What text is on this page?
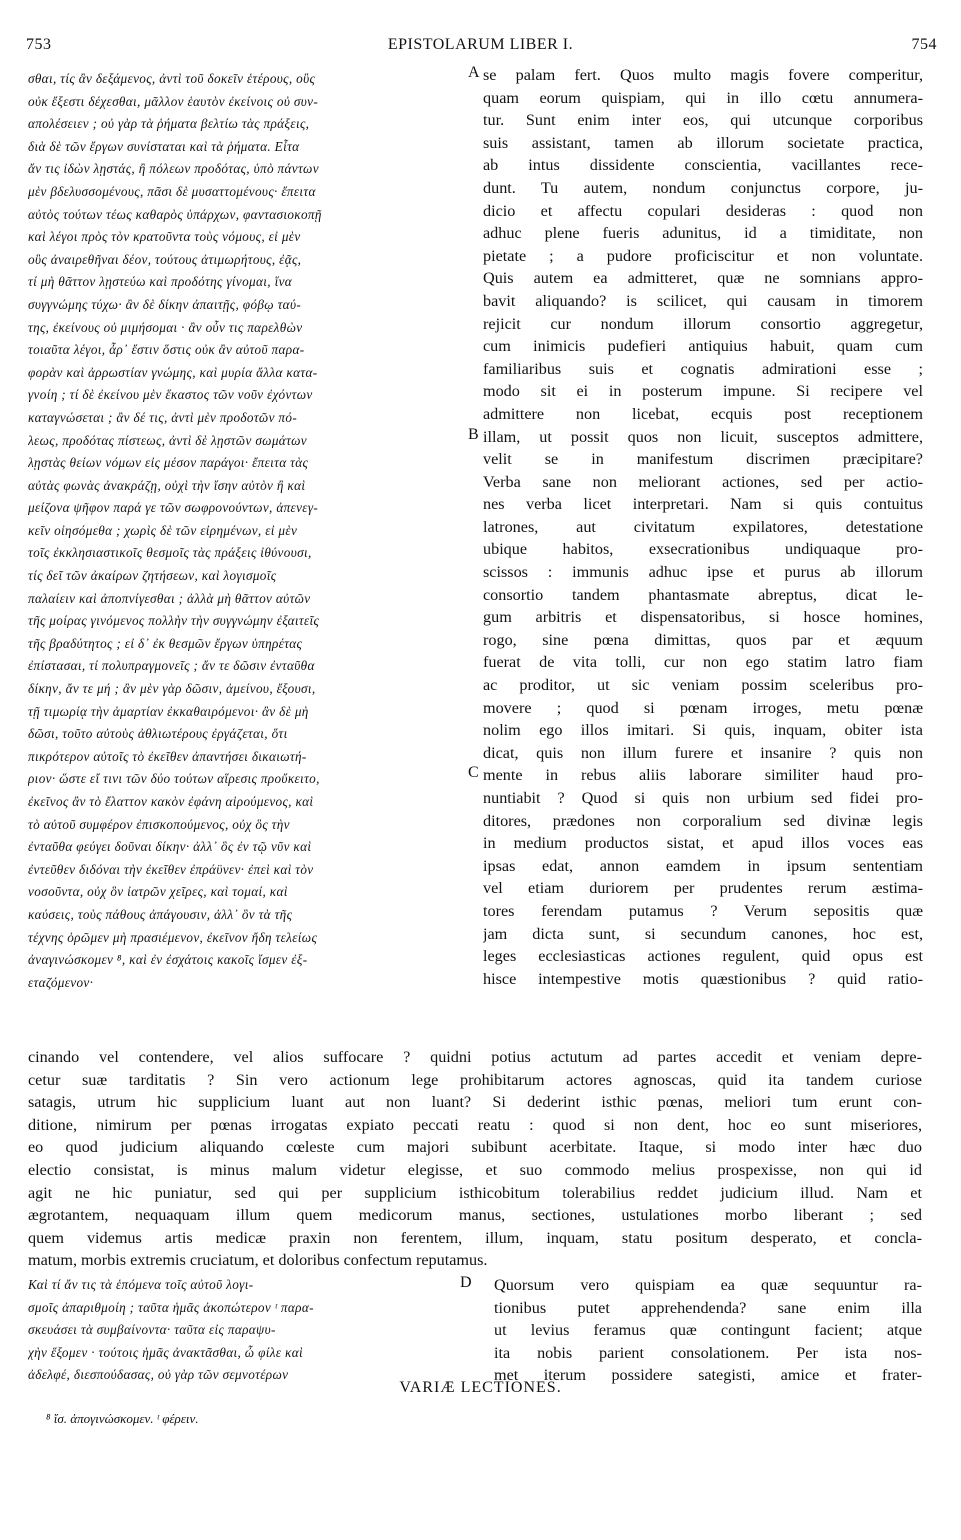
753	EPISTOLARUM LIBER I.	754
σθαι, τίς ἂν δεξάμενος, ἀντὶ τοῦ δοκεῖν ἑτέρους, οὓς
οὐκ ἔξεστι δέχεσθαι, μᾶλλον ἑαυτὸν ἐκείνοις οὐ συν-
απολέσειεν ; οὐ γὰρ τὰ ῥήματα βελτίω τὰς πράξεις,
διὰ δὲ τῶν ἔργων συνίσταται καὶ τὰ ῥήματα. Εἶτα
ἄν τις ἰδὼν λῃστάς, ἢ πόλεων προδότας, ὑπὸ πάντων
μὲν βδελυσσομένους, πᾶσι δὲ μυσαττομένους· ἔπειτα
αὐτὸς τούτων τέως καθαρὸς ὑπάρχων, φαντασιοκοπῇ
καὶ λέγοι πρὸς τὸν κρατοῦντα τοὺς νόμους, εἰ μὲν
οὓς ἀναιρεθῆναι δέον, τούτους ἀτιμωρήτους, ἐᾷς,
τί μὴ θᾶττον λῃστεύω καὶ προδότης γίνομαι, ἵνα
συγγνώμης τύχω· ἂν δὲ δίκην ἀπαιτῇς, φόβῳ ταύ-
της, ἐκείνους οὐ μιμήσομαι · ἂν οὖν τις παρελθὼν
τοιαῦτα λέγοι, ἆρ᾽ ἔστιν ὅστις οὐκ ἂν αὐτοῦ παρα-
φορὰν καὶ ἀρρωστίαν γνώμης, καὶ μυρία ἄλλα κατα-
γνοίη ; τί δὲ ἐκείνου μὲν ἕκαστος τῶν νοῦν ἐχόντων
καταγνώσεται ; ἂν δέ τις, ἀντὶ μὲν προδοτῶν πό-
λεως, προδότας πίστεως, ἀντὶ δὲ λῃστῶν σωμάτων
λῃστὰς θείων νόμων εἰς μέσον παράγοι· ἔπειτα τὰς
αὐτὰς φωνὰς ἀνακράζῃ, οὐχὶ τὴν ἴσην αὐτὸν ἢ καὶ
μείζονα ψῆφον παρά γε τῶν σωφρονούντων, ἀπενεγ-
κεῖν οἰησόμεθα ; χωρὶς δὲ τῶν εἰρημένων, εἰ μὲν
τοῖς ἐκκλησιαστικοῖς θεσμοῖς τὰς πράξεις ἰθύνουσι,
τίς δεῖ τῶν ἀκαίρων ζητήσεων, καὶ λογισμοῖς
παλαίειν καὶ ἀποπνίγεσθαι ; ἀλλὰ μὴ θᾶττον αὐτῶν
τῆς μοίρας γινόμενος πολλὴν τὴν συγγνώμην ἐξαιτεῖς
τῆς βραδύτητος ; εἰ δ᾽ ἐκ θεσμῶν ἔργων ὑπηρέτας
ἐπίστασαι, τί πολυπραγμονεῖς ; ἄν τε δῶσιν ἐνταῦθα
δίκην, ἄν τε μή ; ἂν μὲν γὰρ δῶσιν, ἀμείνου, ἔξουσι,
τῇ τιμωρίᾳ τὴν ἁμαρτίαν ἐκκαθαιρόμενοι· ἂν δὲ μὴ
δῶσι, τοῦτο αὐτοὺς ἀθλιωτέρους ἐργάζεται, ὅτι
πικρότερον αὐτοῖς τὸ ἐκεῖθεν ἀπαντήσει δικαιωτή-
ριον· ὥστε εἴ τινι τῶν δύο τούτων αἵρεσις προὔκειτο,
ἐκεῖνος ἂν τὸ ἔλαττον κακὸν ἐφάνη αἱρούμενος, καὶ
τὸ αὐτοῦ συμφέρον ἐπισκοπούμενος, οὐχ ὃς τὴν
ἐνταῦθα φεύγει δοῦναι δίκην· ἀλλ᾽ ὃς ἐν τῷ νῦν καὶ
ἐντεῦθεν διδόναι τὴν ἐκεῖθεν ἐπράϋνεν· ἐπεὶ καὶ τὸν
νοσοῦντα, οὐχ ὃν ἰατρῶν χεῖρες, καὶ τομαί, καὶ
καύσεις, τοὺς πάθους ἀπάγουσιν, ἀλλ᾽ ὃν τὰ τῆς
τέχνης ὁρῶμεν μὴ πρασιέμενον, ἐκεῖνον ἤδη τελείως
ἀναγινώσκομεν ⁸, καὶ ἐν ἐσχάτοις κακοῖς ἴσμεν ἐξ-
εταζόμενον·
A
B
C
D
se palam fert. Quos multo magis fovere comperitur,
quam eorum quispiam, qui in illo cœtu annumera-
tur. Sunt enim inter eos, qui utcunque corporibus
suis assistant, tamen ab illorum societate practica,
ab intus dissidente conscientia, vacillantes rece-
dunt. Tu autem, nondum conjunctus corpore, ju-
dicio et affectu copulari desideras : quod non
adhuc plene fueris adunitus, id a timiditate, non
pietate ; a pudore proficiscitur et non voluntate.
Quis autem ea admitteret, quæ ne somnians appro-
bavit aliquando? is scilicet, qui causam in timorem
rejicit cur nondum illorum consortio aggregetur,
cum inimicis pudefieri antiquius habuit, quam cum
familiaribus suis et cognatis admirationi esse ;
modo sit ei in posterum impune. Si recipere vel
admittere non licebat, ecquis post receptionem
illam, ut possit quos non licuit, susceptos admittere,
velit se in manifestum discrimen præcipitare?
Verba sane non meliorant actiones, sed per actio-
nes verba licet interpretari. Nam si quis contuitus
latrones, aut civitatum expilatores, detestatione
ubique habitos, exsecrationibus undiquaque pro-
scissos : immunis adhuc ipse et purus ab illorum
consortio tandem phantasmate abreptus, dicat le-
gum arbitris et dispensatoribus, si hosce homines,
rogo, sine pœna dimittas, quos par et æquum
fuerat de vita tolli, cur non ego statim latro fiam
ac proditor, ut sic veniam possim sceleribus pro-
movere ; quod si pœnam irroges, metu pœnæ
nolim ego illos imitari. Si quis, inquam, obiter ista
dicat, quis non illum furere et insanire ? quis non
mente in rebus aliis laborare similiter haud pro-
nuntiabit ? Quod si quis non urbium sed fidei pro-
ditores, prædones non corporalium sed divinæ legis
in medium productos sistat, et apud illos voces eas
ipsas edat, annon eamdem in ipsum sententiam
vel etiam duriorem per prudentes rerum æstima-
tores ferendam putamus ? Verum sepositis quæ
jam dicta sunt, si secundum canones, hoc est,
leges ecclesiasticas actiones regulent, quid opus est
hisce intempestive motis quæstionibus ? quid ratio-
cinando vel contendere, vel alios suffocare ? quidni potius actutum ad partes accedit et veniam depre-
cetur suæ tarditatis ? Sin vero actionum lege prohibitarum actores agnoscas, quid ita tandem curiose
satagis, utrum hic supplicium luant aut non luant? Si dederint isthic pœnas, meliori tum erunt con-
ditione, nimirum per pœnas irrogatas expiato peccati reatu : quod si non dent, hoc eo sunt miseriores,
eo quod judicium aliquando cœleste cum majori subibunt acerbitate. Itaque, si modo inter hæc duo
electio consistat, is minus malum videtur elegisse, et suo commodo melius prospexisse, non qui id
agit ne hic puniatur, sed qui per supplicium isthicobitum tolerabilius reddet judicium illud. Nam et
ægrotantem, nequaquam illum quem medicorum manus, sectiones, ustulationes morbo liberant ; sed
quem videmus artis medicæ praxin non ferentem, illum, inquam, statu positum desperato, et concla-
matum, morbis extremis cruciatum, et doloribus confectum reputamus.
Καὶ τί ἄν τις τὰ ἑπόμενα τοῖς αὐτοῦ λογι-
σμοῖς ἀπαριθμοίη ; ταῦτα ἡμᾶς ἀκοπώτερον ᵗ παρα-
σκευάσει τὰ συμβαίνοντα· ταῦτα εἰς παραψυ-
χὴν ἕξομεν · τούτοις ἡμᾶς ἀνακτᾶσθαι, ὦ φίλε καὶ
ἀδελφέ, διεσπούδασας, οὐ γὰρ τῶν σεμνοτέρων
Quorsum vero quispiam ea quæ sequuntur ra-
tionibus putet apprehendenda? sane enim illa
ut levius feramus quæ contingunt facient; atque
ita nobis parient consolationem. Per ista nos-
met iterum possidere sategisti, amice et frater-
VARIÆ LECTIONES.
⁸ ἴσ. ἀπογινώσκομεν. ᵗ φέρειν.
